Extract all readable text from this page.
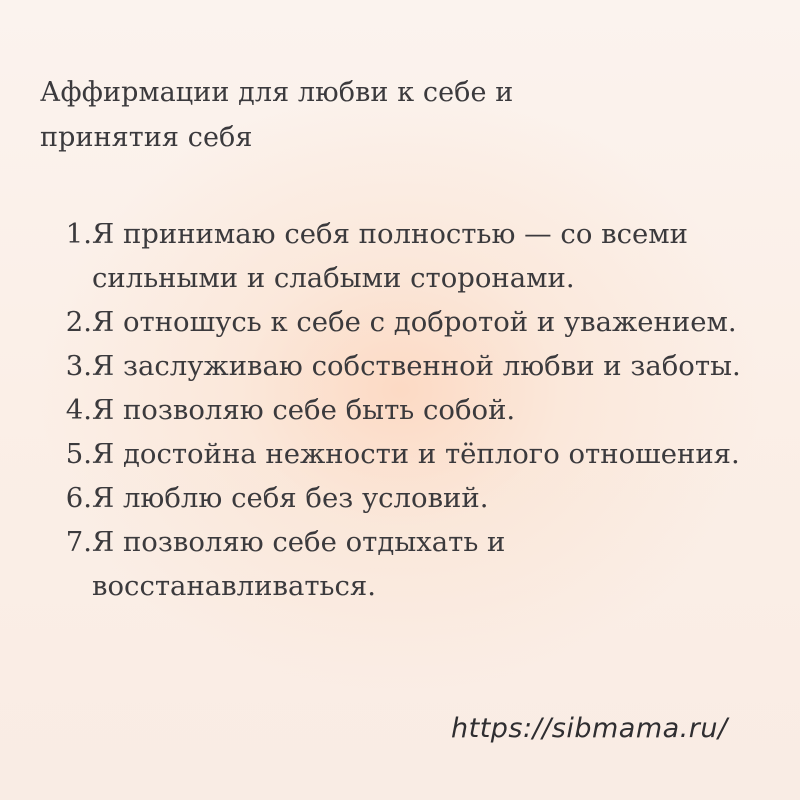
Аффирмации для любви к себе и принятия себя
1. Я принимаю себя полностью — со всеми сильными и слабыми сторонами.
2. Я отношусь к себе с добротой и уважением.
3. Я заслуживаю собственной любви и заботы.
4. Я позволяю себе быть собой.
5. Я достойна нежности и тёплого отношения.
6. Я люблю себя без условий.
7. Я позволяю себе отдыхать и восстанавливаться.
https://sibmama.ru/
